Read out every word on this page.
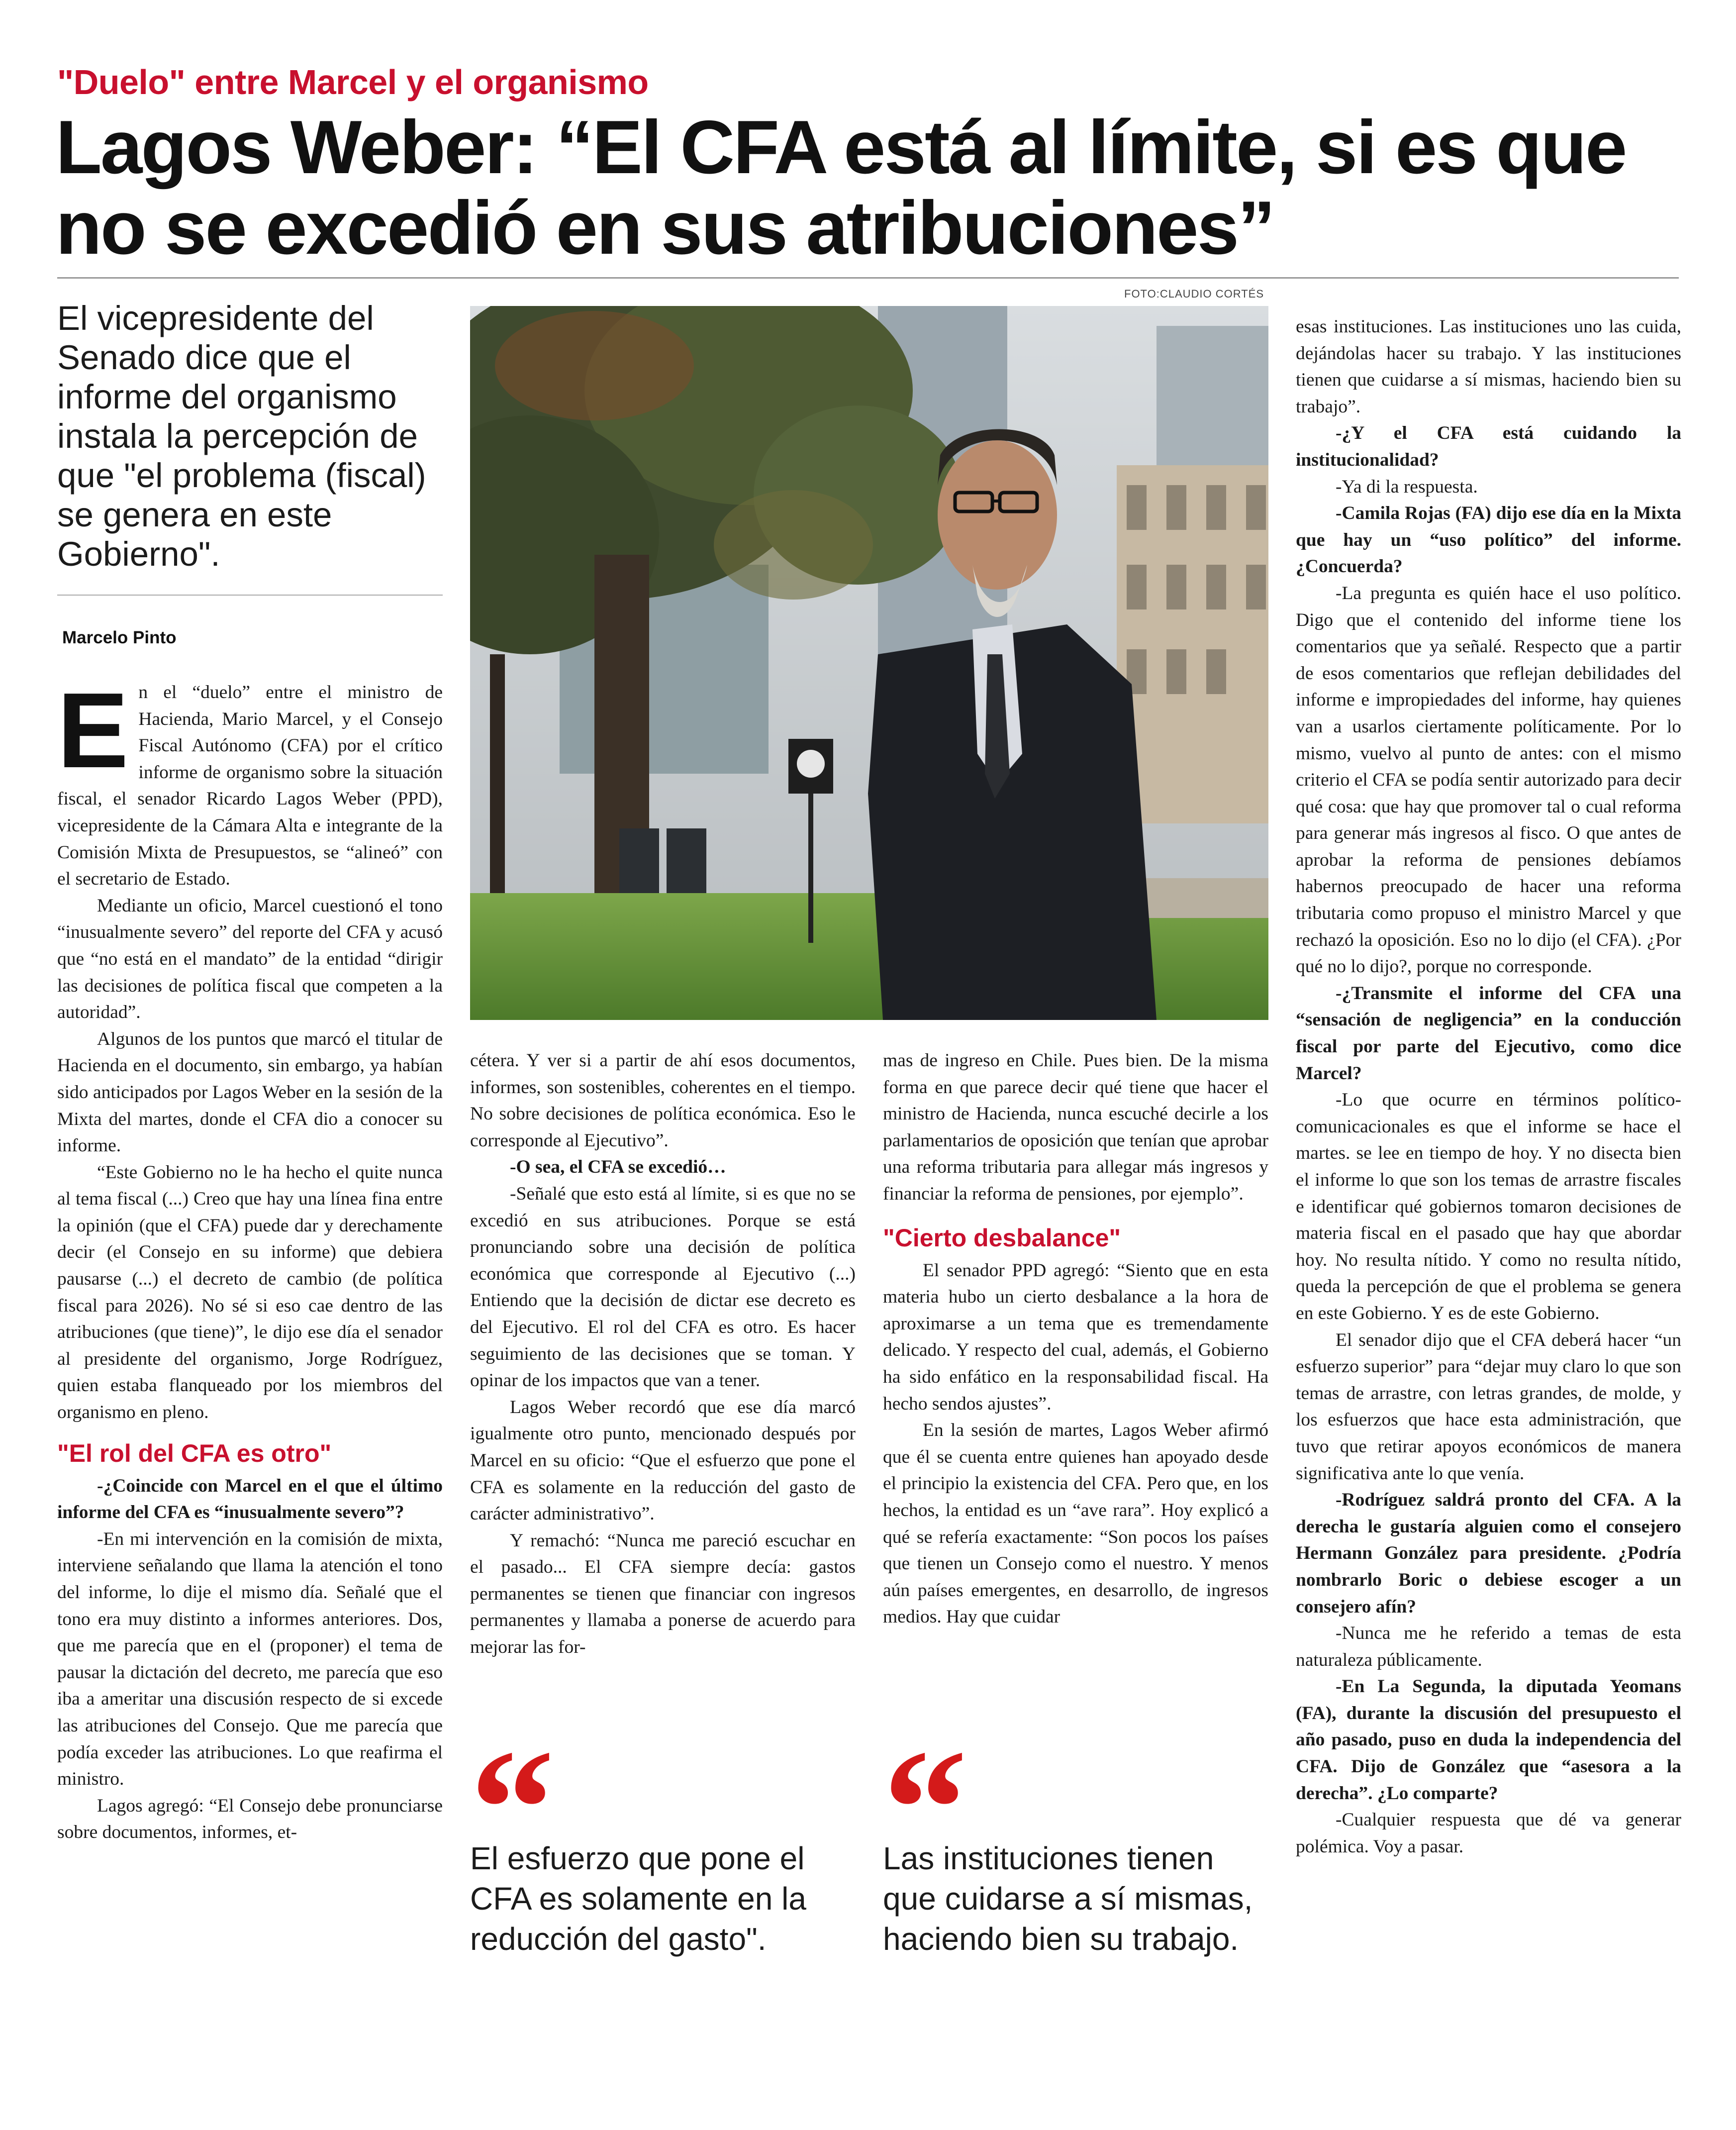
"Duelo" entre Marcel y el organismo
Lagos Weber: “El CFA está al límite, si es que no se excedió en sus atribuciones”
El vicepresidente del Senado dice que el informe del organismo instala la percepción de que "el problema (fiscal) se genera en este Gobierno".
Marcelo Pinto
FOTO:CLAUDIO CORTÉS

En el “duelo” entre el ministro de Hacienda, Mario Marcel, y el Consejo Fiscal Autónomo (CFA) por el crítico informe de organismo sobre la situación fiscal, el senador Ricardo Lagos Weber (PPD), vicepresidente de la Cámara Alta e integrante de la Comisión Mixta de Presupuestos, se “alineó” con el secretario de Estado.

Mediante un oficio, Marcel cuestionó el tono “inusualmente severo” del reporte del CFA y acusó que “no está en el mandato” de la entidad “dirigir las decisiones de política fiscal que competen a la autoridad”.

Algunos de los puntos que marcó el titular de Hacienda en el documento, sin embargo, ya habían sido anticipados por Lagos Weber en la sesión de la Mixta del martes, donde el CFA dio a conocer su informe.

“Este Gobierno no le ha hecho el quite nunca al tema fiscal (...) Creo que hay una línea fina entre la opinión (que el CFA) puede dar y derechamente decir (el Consejo en su informe) que debiera pausarse (...) el decreto de cambio (de política fiscal para 2026). No sé si eso cae dentro de las atribuciones (que tiene)”, le dijo ese día el senador al presidente del organismo, Jorge Rodríguez, quien estaba flanqueado por los miembros del organismo en pleno.

"El rol del CFA es otro"

-¿Coincide con Marcel en el que el último informe del CFA es “inusualmente severo”?

-En mi intervención en la comisión de mixta, interviene señalando que llama la atención el tono del informe, lo dije el mismo día. Señalé que el tono era muy distinto a informes anteriores. Dos, que me parecía que en el (proponer) el tema de pausar la dictación del decreto, me parecía que eso iba a ameritar una discusión respecto de si excede las atribuciones del Consejo. Que me parecía que podía exceder las atribuciones. Lo que reafirma el ministro.

Lagos agregó: “El Consejo debe pronunciarse sobre documentos, informes, et-

cétera. Y ver si a partir de ahí esos documentos, informes, son sostenibles, coherentes en el tiempo. No sobre decisiones de política económica. Eso le corresponde al Ejecutivo”.

-O sea, el CFA se excedió…

-Señalé que esto está al límite, si es que no se excedió en sus atribuciones. Porque se está pronunciando sobre una decisión de política económica que corresponde al Ejecutivo (...) Entiendo que la decisión de dictar ese decreto es del Ejecutivo. El rol del CFA es otro. Es hacer seguimiento de las decisiones que se toman. Y opinar de los impactos que van a tener.

Lagos Weber recordó que ese día marcó igualmente otro punto, mencionado después por Marcel en su oficio: “Que el esfuerzo que pone el CFA es solamente en la reducción del gasto de carácter administrativo”.

Y remachó: “Nunca me pareció escuchar en el pasado... El CFA siempre decía: gastos permanentes se tienen que financiar con ingresos permanentes y llamaba a ponerse de acuerdo para mejorar las for-

mas de ingreso en Chile. Pues bien. De la misma forma en que parece decir qué tiene que hacer el ministro de Hacienda, nunca escuché decirle a los parlamentarios de oposición que tenían que aprobar una reforma tributaria para allegar más ingresos y financiar la reforma de pensiones, por ejemplo”.

"Cierto desbalance"

El senador PPD agregó: “Siento que en esta materia hubo un cierto desbalance a la hora de aproximarse a un tema que es tremendamente delicado. Y respecto del cual, además, el Gobierno ha sido enfático en la responsabilidad fiscal. Ha hecho sendos ajustes”.

En la sesión de martes, Lagos Weber afirmó que él se cuenta entre quienes han apoyado desde el principio la existencia del CFA. Pero que, en los hechos, la entidad es un “ave rara”. Hoy explicó a qué se refería exactamente: “Son pocos los países que tienen un Consejo como el nuestro. Y menos aún países emergentes, en desarrollo, de ingresos medios. Hay que cuidar

esas instituciones. Las instituciones uno las cuida, dejándolas hacer su trabajo. Y las instituciones tienen que cuidarse a sí mismas, haciendo bien su trabajo”.

-¿Y el CFA está cuidando la institucionalidad?

-Ya di la respuesta.

-Camila Rojas (FA) dijo ese día en la Mixta que hay un “uso político” del informe. ¿Concuerda?

-La pregunta es quién hace el uso político. Digo que el contenido del informe tiene los comentarios que ya señalé. Respecto que a partir de esos comentarios que reflejan debilidades del informe e impropiedades del informe, hay quienes van a usarlos ciertamente políticamente. Por lo mismo, vuelvo al punto de antes: con el mismo criterio el CFA se podía sentir autorizado para decir qué cosa: que hay que promover tal o cual reforma para generar más ingresos al fisco. O que antes de aprobar la reforma de pensiones debíamos habernos preocupado de hacer una reforma tributaria como propuso el ministro Marcel y que rechazó la oposición. Eso no lo dijo (el CFA). ¿Por qué no lo dijo?, porque no corresponde.

-¿Transmite el informe del CFA una “sensación de negligencia” en la conducción fiscal por parte del Ejecutivo, como dice Marcel?

-Lo que ocurre en términos político-comunicacionales es que el informe se hace el martes. se lee en tiempo de hoy. Y no disecta bien el informe lo que son los temas de arrastre fiscales e identificar qué gobiernos tomaron decisiones de materia fiscal en el pasado que hay que abordar hoy. No resulta nítido. Y como no resulta nítido, queda la percepción de que el problema se genera en este Gobierno. Y es de este Gobierno.

El senador dijo que el CFA deberá hacer “un esfuerzo superior” para “dejar muy claro lo que son temas de arrastre, con letras grandes, de molde, y los esfuerzos que hace esta administración, que tuvo que retirar apoyos económicos de manera significativa ante lo que venía.

-Rodríguez saldrá pronto del CFA. A la derecha le gustaría alguien como el consejero Hermann González para presidente. ¿Podría nombrarlo Boric o debiese escoger a un consejero afín?

-Nunca me he referido a temas de esta naturaleza públicamente.

-En La Segunda, la diputada Yeomans (FA), durante la discusión del presupuesto el año pasado, puso en duda la independencia del CFA. Dijo de González que “asesora a la derecha”. ¿Lo comparte?

-Cualquier respuesta que dé va generar polémica. Voy a pasar.

“
El esfuerzo que pone el CFA es solamente en la reducción del gasto".
“
Las instituciones tienen que cuidarse a sí mismas, haciendo bien su trabajo.
